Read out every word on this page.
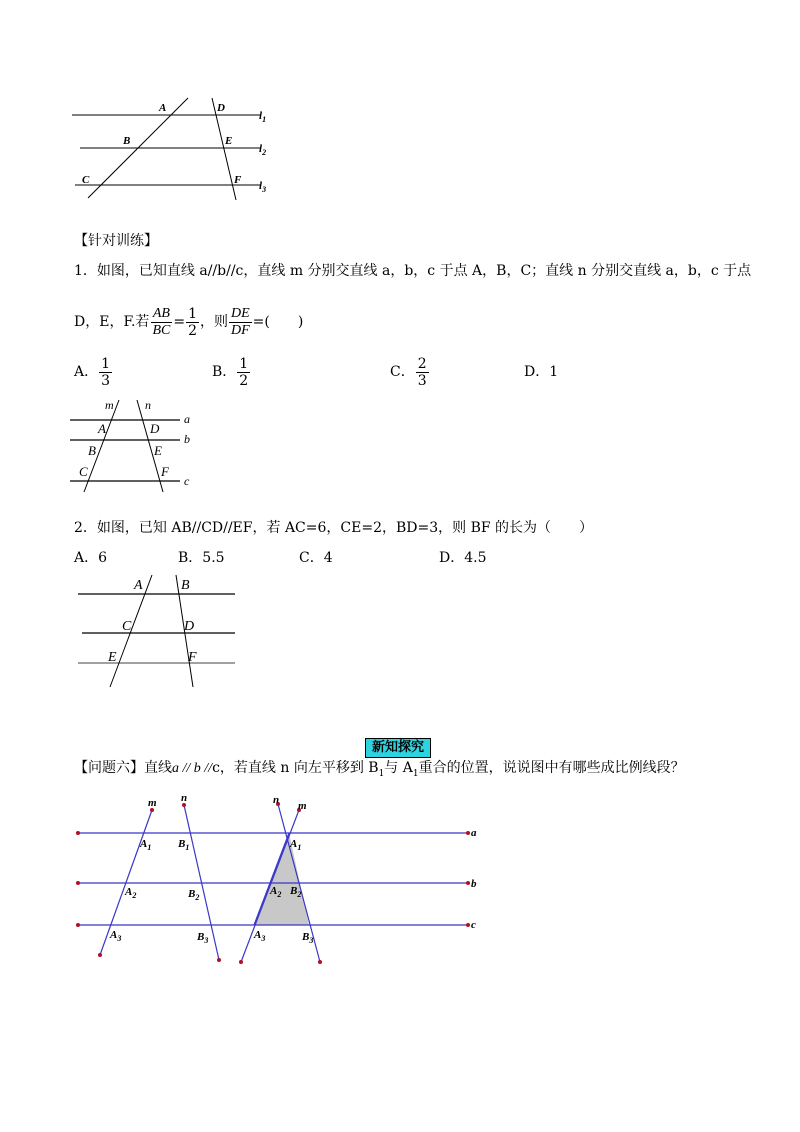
A	D
B	E
C	F
$l_1$
$l_2$
$l_3$
【针对训练】
1．如图，已知直线 a//b//c，直线 m 分别交直线 a，b，c 于点 A，B，C；直线 n 分别交直线 a，b，c 于点
D，E，F.若 $\frac{AB}{BC} = \frac{1}{2}$ ，则 $\frac{DE}{DF}$ =(　　)
A． $\frac{1}{3}$	B． $\frac{1}{2}$	C． $\frac{2}{3}$	D．1
m	n
a
b
c
A	D
B	E
C	F
2．如图，已知 AB//CD//EF，若 AC=6，CE=2，BD=3，则 BF 的长为（　　）
A．6	B．5.5	C．4	D．4.5
A	B
C	D
E	F
新知探究
【问题六】直线a // b //c，若直线 n 向左平移到 $B_1$与 $A_1$重合的位置，说说图中有哪些成比例线段？
m n	n m
a
b
c
$A_1$ $B_1$
$A_2$	$B_2$
$A_3$	$B_3$
$A_1$
$A_2$ $B_2$
$A_3$	$B_3$
